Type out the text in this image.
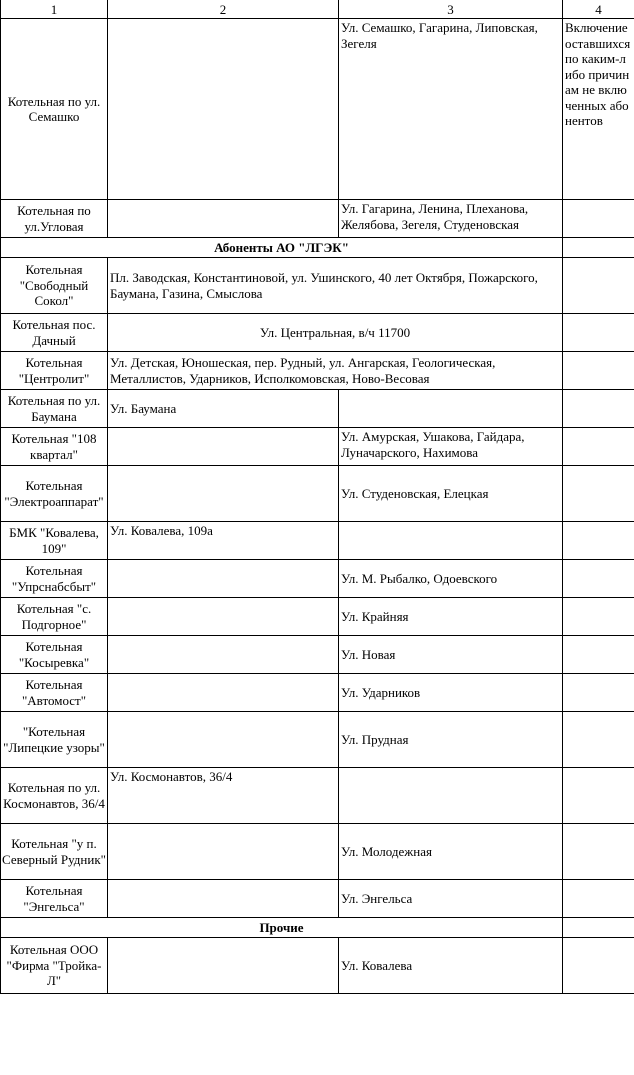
1	2	3	4
Котельная по ул. Семашко		Ул. Семашко, Гагарина, Липовская, Зегеля	Включение оставшихся по каким-либо причинам не включенных абонентов
Котельная по ул.Угловая		Ул. Гагарина, Ленина, Плеханова, Желябова, Зегеля, Студеновская	
Абоненты АО "ЛГЭК"			
Котельная "Свободный Сокол"	Пл. Заводская, Константиновой, ул. Ушинского, 40 лет Октября, Пожарского, Баумана, Газина, Смыслова		
Котельная пос. Дачный	Ул. Центральная, в/ч 11700		
Котельная "Центролит"	Ул. Детская, Юношеская, пер. Рудный, ул. Ангарская, Геологическая, Металлистов, Ударников, Исполкомовская, Ново-Весовая		
Котельная по ул. Баумана	Ул. Баумана		
Котельная "108 квартал"		Ул. Амурская, Ушакова, Гайдара, Луначарского, Нахимова	
Котельная "Электроаппарат"		Ул. Студеновская, Елецкая	
БМК "Ковалева, 109"	Ул. Ковалева, 109а		
Котельная "Упрснабсбыт"		Ул. М. Рыбалко, Одоевского	
Котельная "с. Подгорное"		Ул. Крайняя	
Котельная "Косыревка"		Ул. Новая	
Котельная "Автомост"		Ул. Ударников	
"Котельная "Липецкие узоры"		Ул. Прудная	
Котельная по ул. Космонавтов, 36/4	Ул. Космонавтов, 36/4		
Котельная "у п. Северный Рудник"		Ул. Молодежная	
Котельная "Энгельса"		Ул. Энгельса	
Прочие			
Котельная ООО "Фирма "Тройка-Л"		Ул. Ковалева	
